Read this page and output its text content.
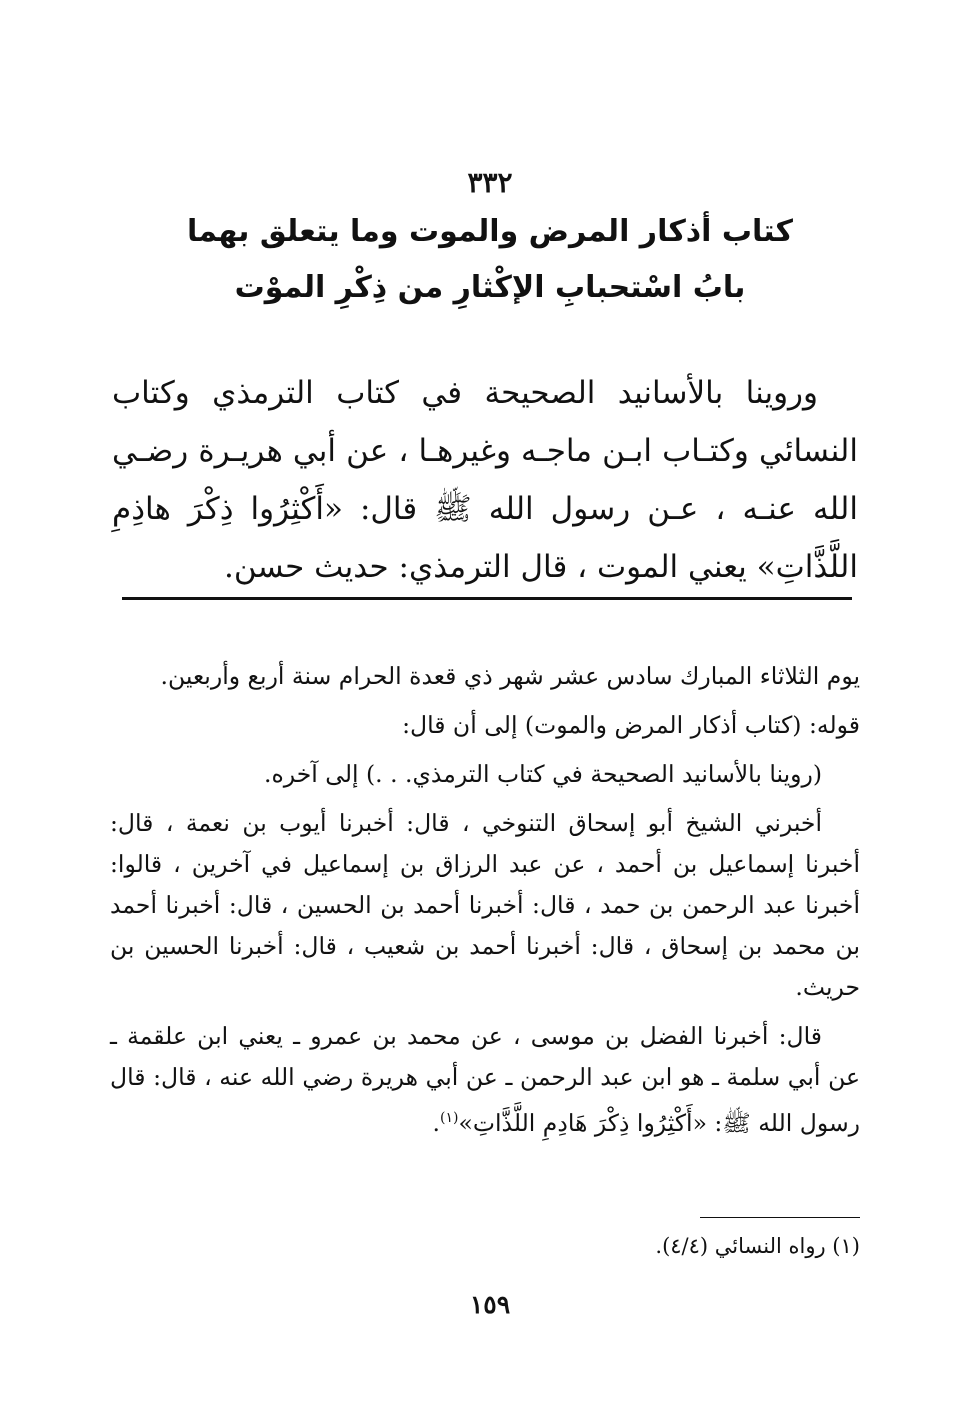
٣٣٢
كتاب أذكار المرض والموت وما يتعلق بهما
بابُ اسْتحبابِ الإكْثارِ من ذِكْرِ الموْت
وروينا بالأسانيد الصحيحة في كتاب الترمذي وكتاب النسائي وكتـاب ابـن ماجـه وغيرهـا ، عن أبي هريـرة رضـي الله عنـه ، عـن رسول الله ﷺ قال: «أَكْثِرُوا ذِكْرَ هاذِمِ اللَّذَّاتِ» يعني الموت ، قال الترمذي: حديث حسن.

يوم الثلاثاء المبارك سادس عشر شهر ذي قعدة الحرام سنة أربع وأربعين.

قوله: (كتاب أذكار المرض والموت) إلى أن قال:

(روينا بالأسانيد الصحيحة في كتاب الترمذي. . .) إلى آخره.

أخبرني الشيخ أبو إسحاق التنوخي ، قال: أخبرنا أيوب بن نعمة ، قال: أخبرنا إسماعيل بن أحمد ، عن عبد الرزاق بن إسماعيل في آخرين ، قالوا: أخبرنا عبد الرحمن بن حمد ، قال: أخبرنا أحمد بن الحسين ، قال: أخبرنا أحمد بن محمد بن إسحاق ، قال: أخبرنا أحمد بن شعيب ، قال: أخبرنا الحسين بن حريث.

قال: أخبرنا الفضل بن موسى ، عن محمد بن عمرو ـ يعني ابن علقمة ـ عن أبي سلمة ـ هو ابن عبد الرحمن ـ عن أبي هريرة رضي الله عنه ، قال: قال رسول الله ﷺ: «أَكْثِرُوا ذِكْرَ هَادِمِ اللَّذَّاتِ»$^{(١)}$.

(١) رواه النسائي (٤/٤).
١٥٩
